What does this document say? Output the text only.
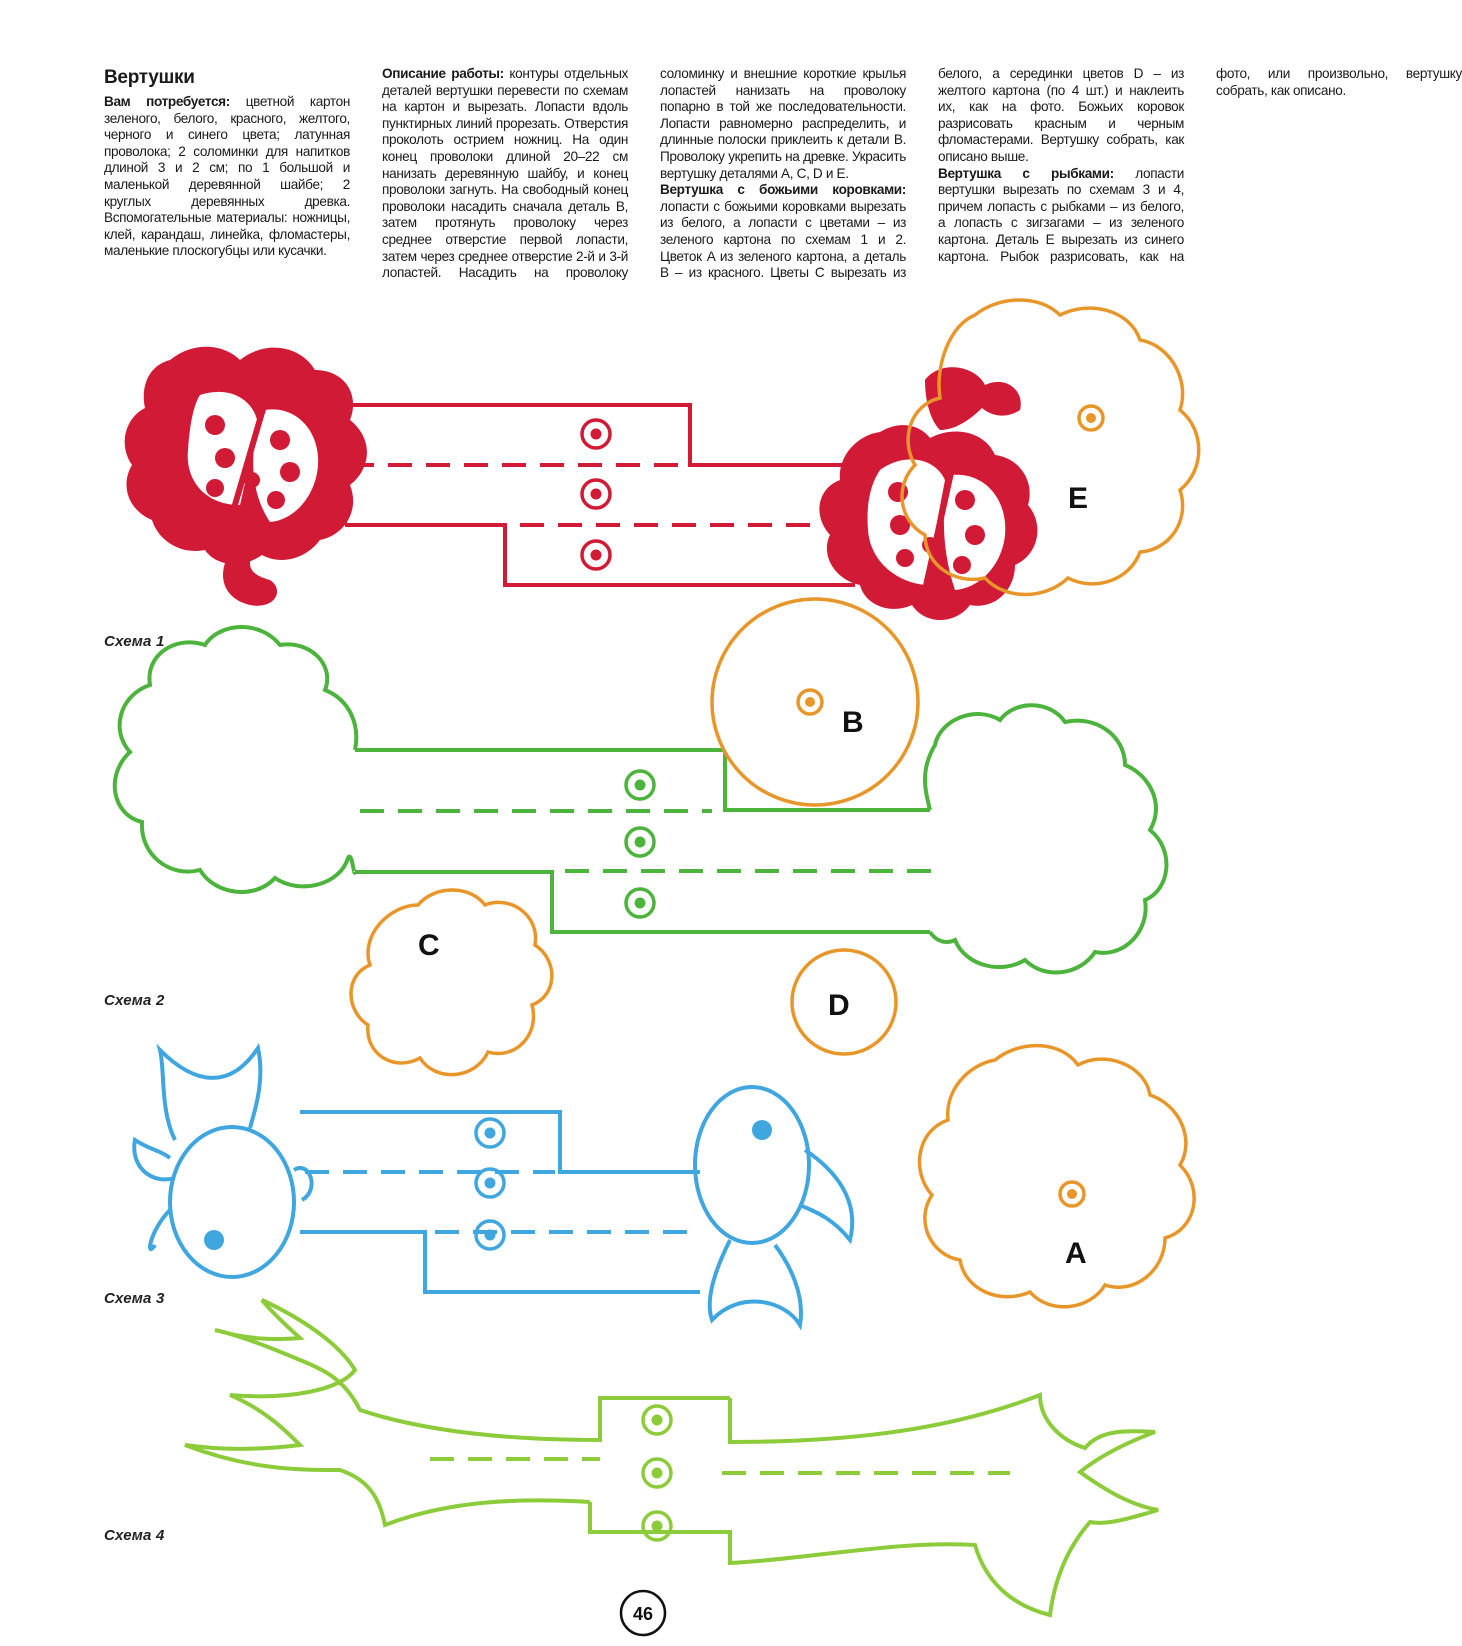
Вертушки

Вам потребуется: цветной картон зеленого, белого, красного, желтого, черного и синего цвета; латунная проволока; 2 соломинки для напитков длиной 3 и 2 см; по 1 большой и маленькой деревянной шайбе; 2 круглых деревянных древка. Вспомогательные материалы: ножницы, клей, карандаш, линейка, фломастеры, маленькие плоскогубцы или кусачки.

Описание работы: контуры отдельных деталей вертушки перевести по схемам на картон и вырезать. Лопасти вдоль пунктирных линий прорезать. Отверстия проколоть острием ножниц. На один конец проволоки длиной 20–22 см нанизать деревянную шайбу, и конец проволоки загнуть. На свободный конец проволоки насадить сначала деталь B, затем протянуть проволоку через среднее отверстие первой лопасти, затем через среднее отверстие 2-й и 3-й лопастей. Насадить на проволоку соломинку и внешние короткие крылья лопастей нанизать на проволоку попарно в той же последовательности. Лопасти равномерно распределить, и длинные полоски приклеить к детали B. Проволоку укрепить на древке. Украсить вертушку деталями A, C, D и E.

Вертушка с божьими коровками: лопасти с божьими коровками вырезать из белого, а лопасти с цветами – из зеленого картона по схемам 1 и 2. Цветок A из зеленого картона, а деталь B – из красного. Цветы C вырезать из белого, а серединки цветов D – из желтого картона (по 4 шт.) и наклеить их, как на фото. Божьих коровок разрисовать красным и черным фломастерами. Вертушку собрать, как описано выше.

Вертушка с рыбками: лопасти вертушки вырезать по схемам 3 и 4, причем лопасть с рыбками – из белого, а лопасть с зигзагами – из зеленого картона. Деталь E вырезать из синего картона. Рыбок разрисовать, как на фото, или произвольно, вертушку собрать, как описано.

Схема 1
Схема 2
Схема 3
Схема 4
E
B
C
D
A
46
